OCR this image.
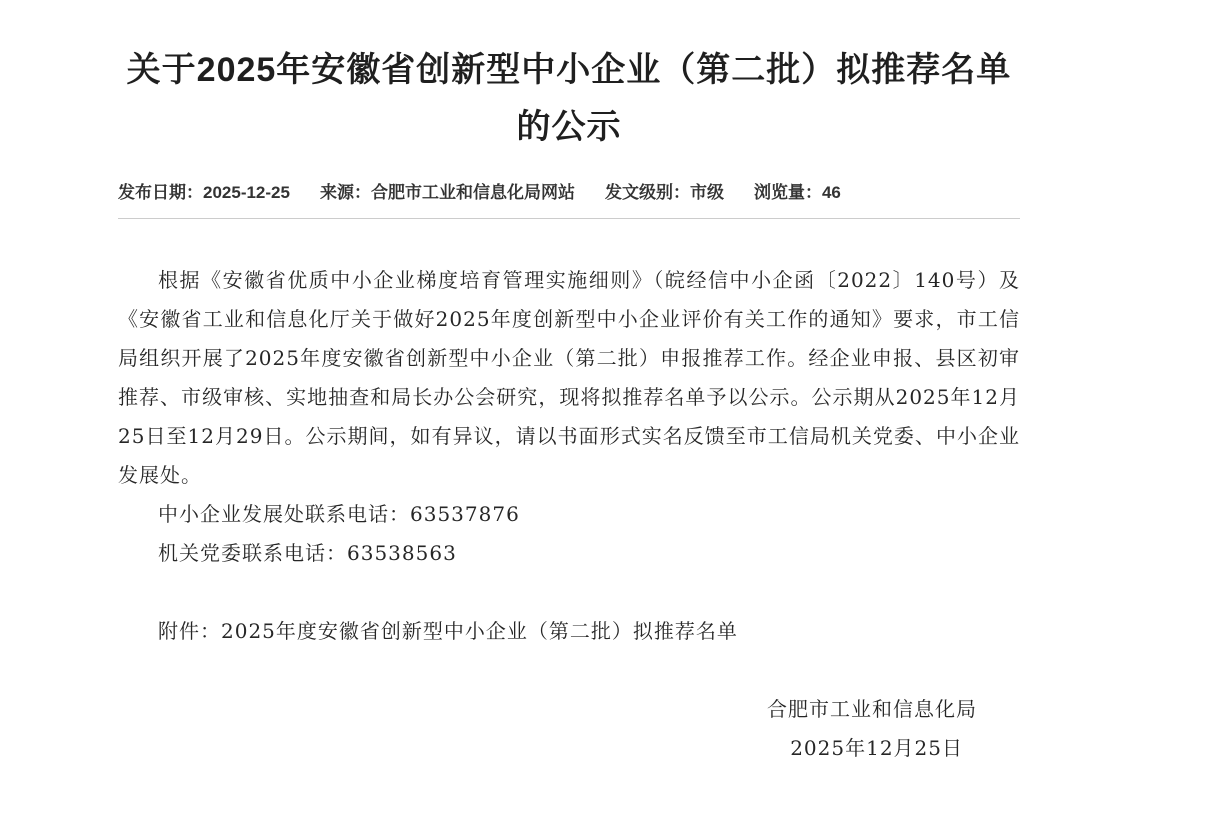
关于2025年安徽省创新型中小企业（第二批）拟推荐名单的公示
发布日期：2025-12-25 来源：合肥市工业和信息化局网站 发文级别：市级 浏览量：46

根据《安徽省优质中小企业梯度培育管理实施细则》（皖经信中小企函〔2022〕140号）及《安徽省工业和信息化厅关于做好2025年度创新型中小企业评价有关工作的通知》要求，市工信局组织开展了2025年度安徽省创新型中小企业（第二批）申报推荐工作。经企业申报、县区初审推荐、市级审核、实地抽查和局长办公会研究，现将拟推荐名单予以公示。公示期从2025年12月25日至12月29日。公示期间，如有异议，请以书面形式实名反馈至市工信局机关党委、中小企业发展处。

中小企业发展处联系电话：63537876

机关党委联系电话：63538563

附件：2025年度安徽省创新型中小企业（第二批）拟推荐名单

合肥市工业和信息化局

2025年12月25日
